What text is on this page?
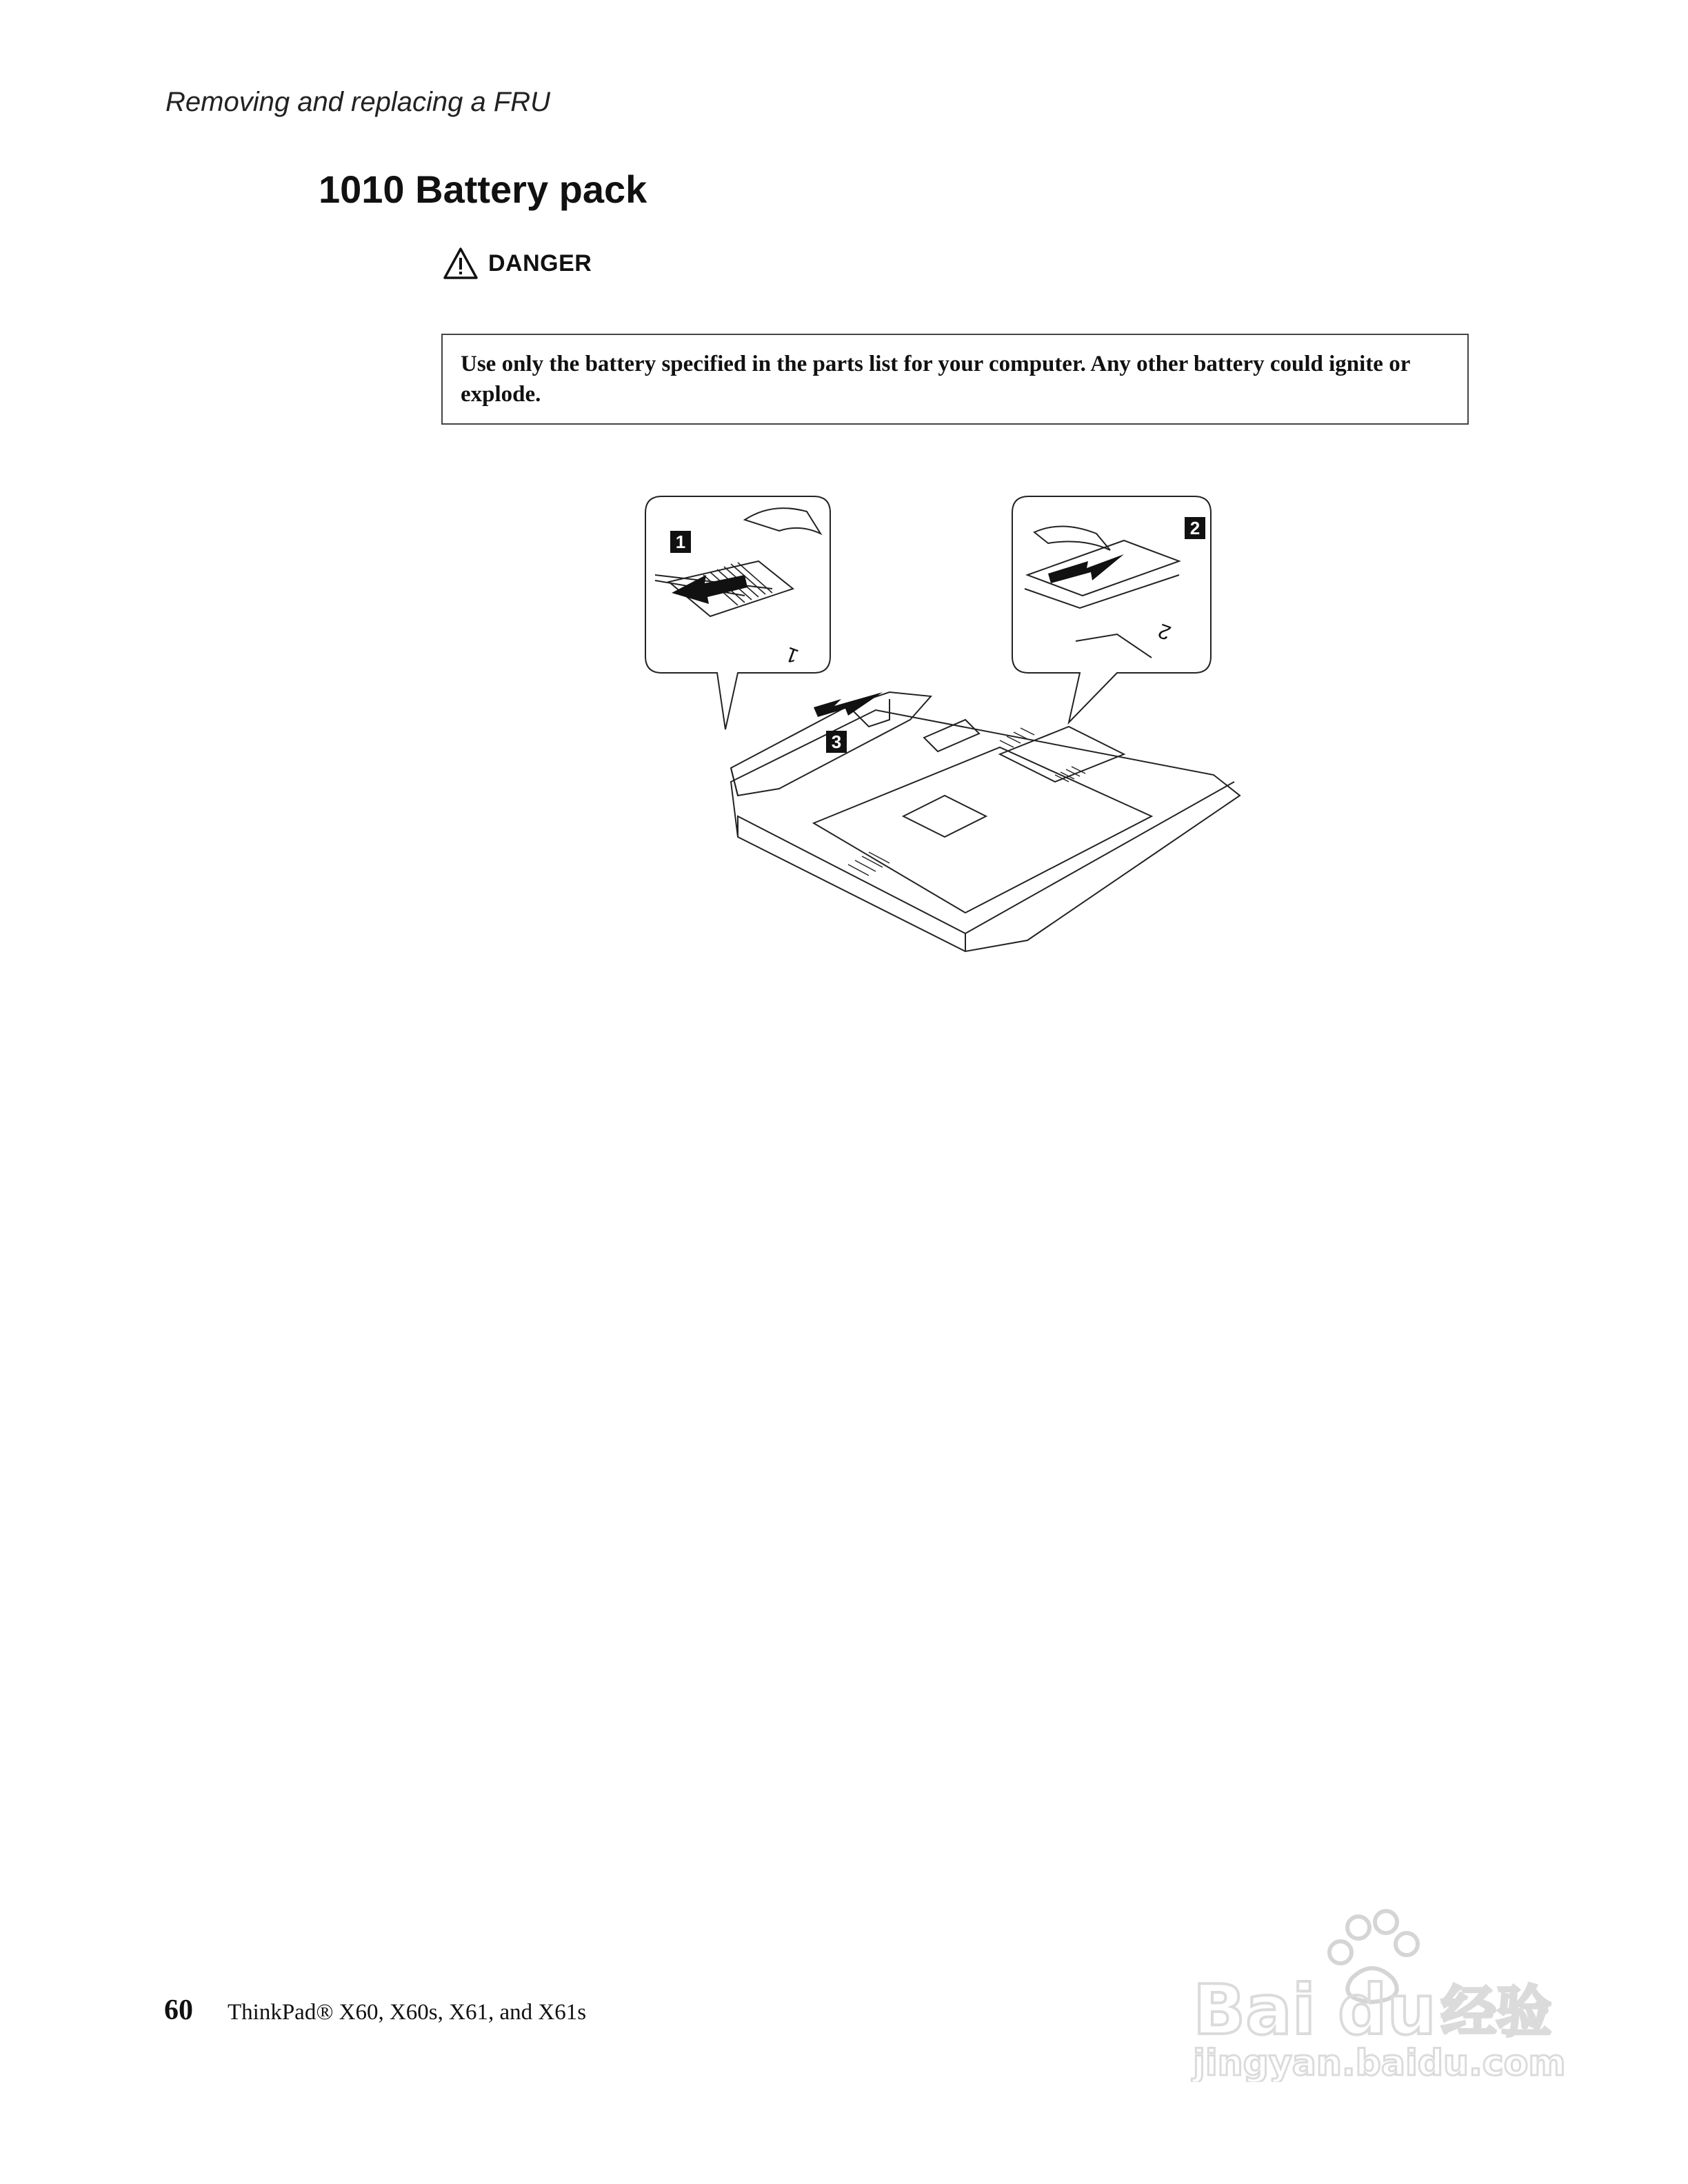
Removing and replacing a FRU
1010 Battery pack
DANGER
Use only the battery specified in the parts list for your computer. Any other battery could ignite or explode.
1
2
3
1
2
60 ThinkPad® X60, X60s, X61, and X61s	Bai du 经验
jingyan.baidu.com
